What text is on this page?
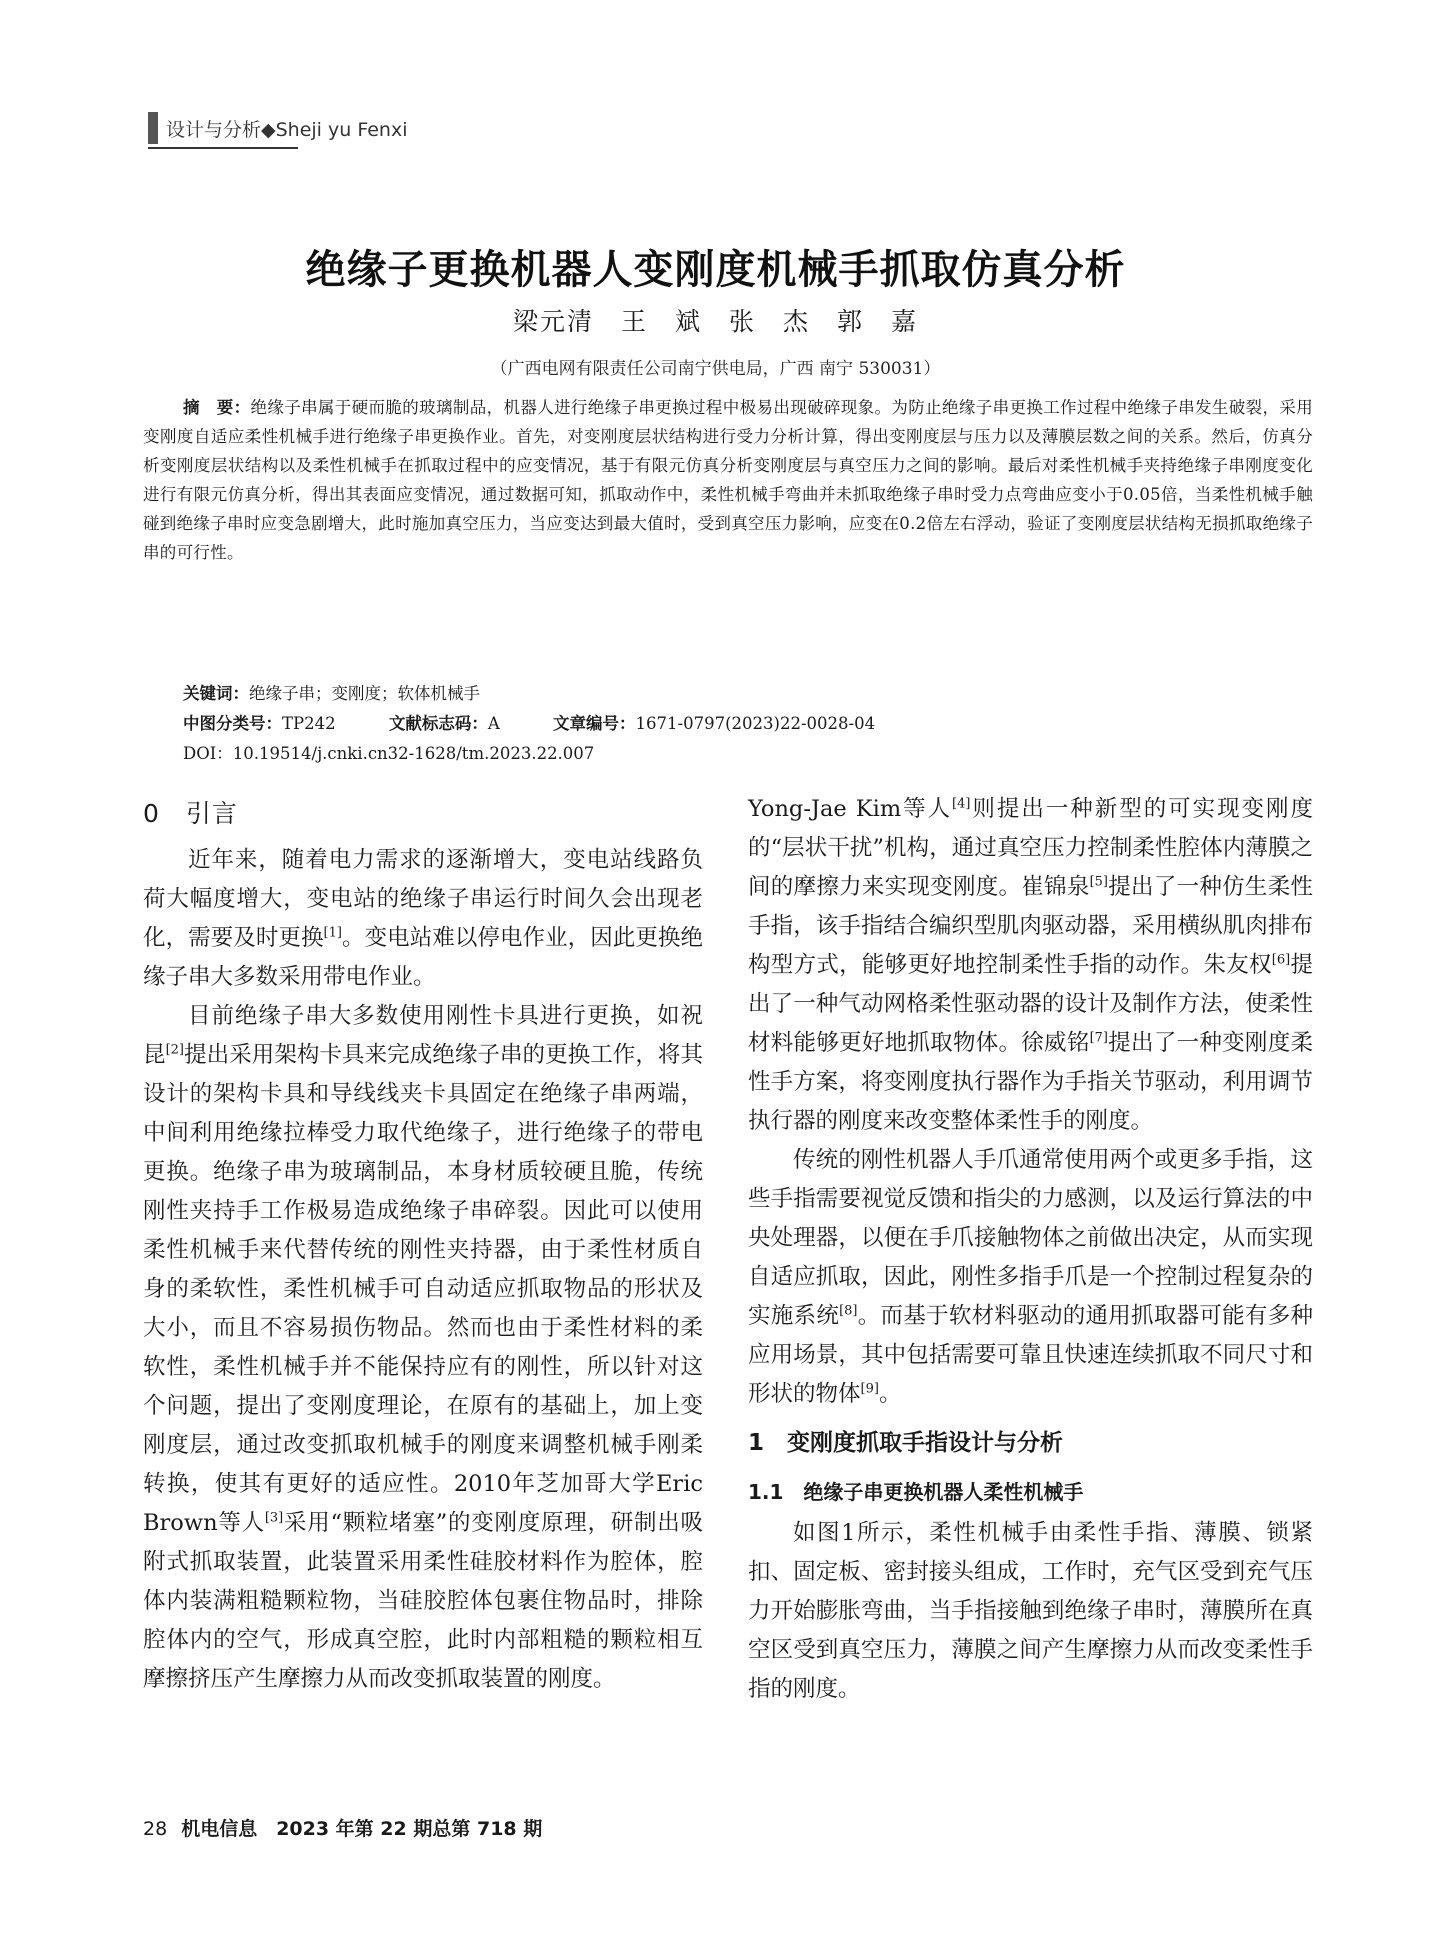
设计与分析◆Sheji yu Fenxi
绝缘子更换机器人变刚度机械手抓取仿真分析
梁元清　王　斌　张　杰　郭　嘉
（广西电网有限责任公司南宁供电局，广西 南宁 530031）
摘　要：绝缘子串属于硬而脆的玻璃制品，机器人进行绝缘子串更换过程中极易出现破碎现象。为防止绝缘子串更换工作过程中绝缘子串发生破裂，采用变刚度自适应柔性机械手进行绝缘子串更换作业。首先，对变刚度层状结构进行受力分析计算，得出变刚度层与压力以及薄膜层数之间的关系。然后，仿真分析变刚度层状结构以及柔性机械手在抓取过程中的应变情况，基于有限元仿真分析变刚度层与真空压力之间的影响。最后对柔性机械手夹持绝缘子串刚度变化进行有限元仿真分析，得出其表面应变情况，通过数据可知，抓取动作中，柔性机械手弯曲并未抓取绝缘子串时受力点弯曲应变小于0.05倍，当柔性机械手触碰到绝缘子串时应变急剧增大，此时施加真空压力，当应变达到最大值时，受到真空压力影响，应变在0.2倍左右浮动，验证了变刚度层状结构无损抓取绝缘子串的可行性。
关键词：绝缘子串；变刚度；软体机械手
中图分类号：TP242	文献标志码：A	文章编号：1671-0797(2023)22-0028-04
DOI：10.19514/j.cnki.cn32-1628/tm.2023.22.007
0　引言

近年来，随着电力需求的逐渐增大，变电站线路负荷大幅度增大，变电站的绝缘子串运行时间久会出现老化，需要及时更换[1]。变电站难以停电作业，因此更换绝缘子串大多数采用带电作业。

目前绝缘子串大多数使用刚性卡具进行更换，如祝昆[2]提出采用架构卡具来完成绝缘子串的更换工作，将其设计的架构卡具和导线线夹卡具固定在绝缘子串两端，中间利用绝缘拉棒受力取代绝缘子，进行绝缘子的带电更换。绝缘子串为玻璃制品，本身材质较硬且脆，传统刚性夹持手工作极易造成绝缘子串碎裂。因此可以使用柔性机械手来代替传统的刚性夹持器，由于柔性材质自身的柔软性，柔性机械手可自动适应抓取物品的形状及大小，而且不容易损伤物品。然而也由于柔性材料的柔软性，柔性机械手并不能保持应有的刚性，所以针对这个问题，提出了变刚度理论，在原有的基础上，加上变刚度层，通过改变抓取机械手的刚度来调整机械手刚柔转换，使其有更好的适应性。2010年芝加哥大学Eric Brown等人[3]采用“颗粒堵塞”的变刚度原理，研制出吸附式抓取装置，此装置采用柔性硅胶材料作为腔体，腔体内装满粗糙颗粒物，当硅胶腔体包裹住物品时，排除腔体内的空气，形成真空腔，此时内部粗糙的颗粒相互摩擦挤压产生摩擦力从而改变抓取装置的刚度。

Yong-Jae Kim等人[4]则提出一种新型的可实现变刚度的“层状干扰”机构，通过真空压力控制柔性腔体内薄膜之间的摩擦力来实现变刚度。崔锦泉[5]提出了一种仿生柔性手指，该手指结合编织型肌肉驱动器，采用横纵肌肉排布构型方式，能够更好地控制柔性手指的动作。朱友权[6]提出了一种气动网格柔性驱动器的设计及制作方法，使柔性材料能够更好地抓取物体。徐威铭[7]提出了一种变刚度柔性手方案，将变刚度执行器作为手指关节驱动，利用调节执行器的刚度来改变整体柔性手的刚度。

传统的刚性机器人手爪通常使用两个或更多手指，这些手指需要视觉反馈和指尖的力感测，以及运行算法的中央处理器，以便在手爪接触物体之前做出决定，从而实现自适应抓取，因此，刚性多指手爪是一个控制过程复杂的实施系统[8]。而基于软材料驱动的通用抓取器可能有多种应用场景，其中包括需要可靠且快速连续抓取不同尺寸和形状的物体[9]。

1　变刚度抓取手指设计与分析
1.1　绝缘子串更换机器人柔性机械手

如图1所示，柔性机械手由柔性手指、薄膜、锁紧扣、固定板、密封接头组成，工作时，充气区受到充气压力开始膨胀弯曲，当手指接触到绝缘子串时，薄膜所在真空区受到真空压力，薄膜之间产生摩擦力从而改变柔性手指的刚度。

28 机电信息　2023 年第 22 期总第 718 期
